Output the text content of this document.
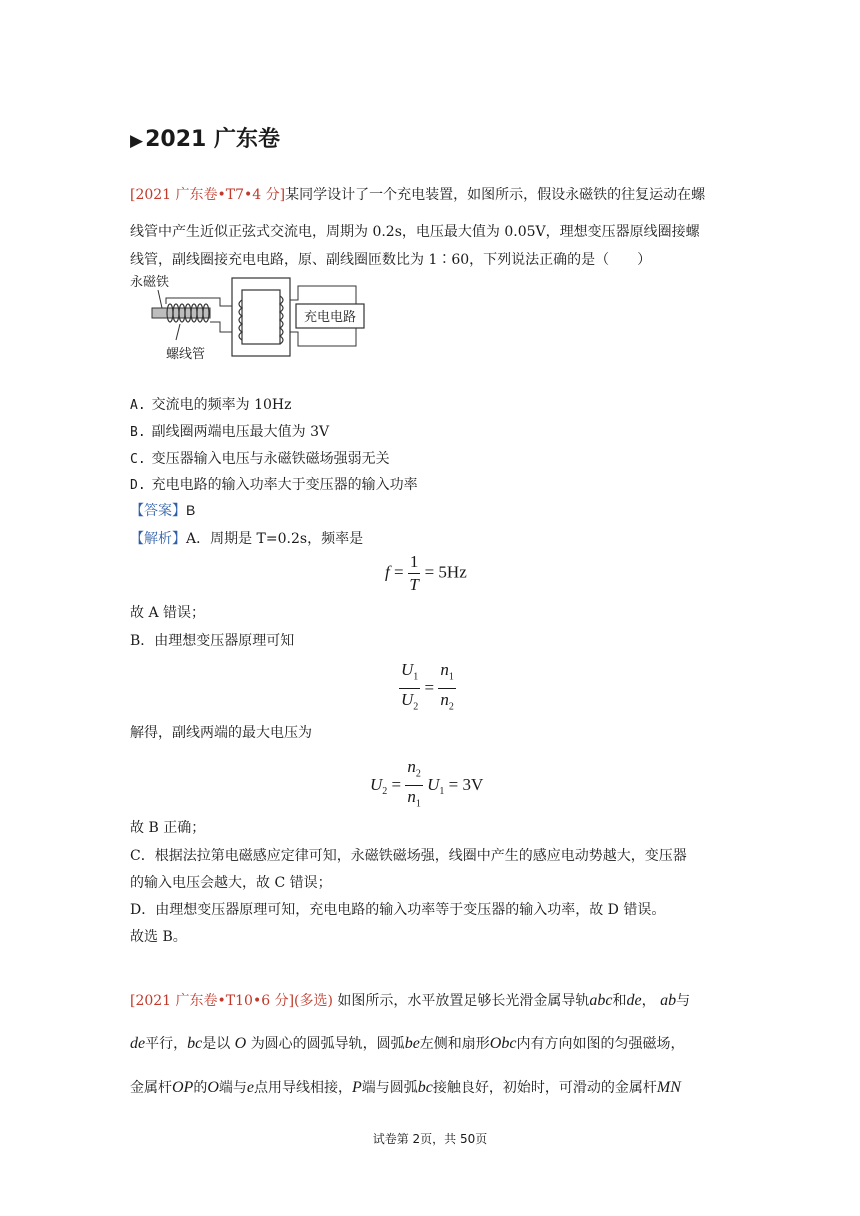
▶2021 广东卷
[2021 广东卷•T7•4 分]某同学设计了一个充电装置，如图所示，假设永磁铁的往复运动在螺
线管中产生近似正弦式交流电，周期为 0.2s，电压最大值为 0.05V，理想变压器原线圈接螺
线管，副线圈接充电电路，原、副线圈匝数比为 1∶60，下列说法正确的是（　　）
永磁铁
螺线管
充电电路
A. 交流电的频率为 10Hz
B. 副线圈两端电压最大值为 3V
C. 变压器输入电压与永磁铁磁场强弱无关
D. 充电电路的输入功率大于变压器的输入功率
【答案】B
【解析】A．周期是 T=0.2s，频率是
$f = \frac{1}{T} = 5Hz$
故 A 错误；
B．由理想变压器原理可知
$\frac{U_1}{U_2} = \frac{n_1}{n_2}$
解得，副线两端的最大电压为
$U_2 = \frac{n_2}{n_1} U_1 = 3V$
故 B 正确；
C．根据法拉第电磁感应定律可知，永磁铁磁场强，线圈中产生的感应电动势越大，变压器
的输入电压会越大，故 C 错误；
D．由理想变压器原理可知，充电电路的输入功率等于变压器的输入功率，故 D 错误。
故选 B。
[2021 广东卷•T10•6 分](多选) 如图所示，水平放置足够长光滑金属导轨abc和de， ab与
de平行，bc是以 O 为圆心的圆弧导轨，圆弧be左侧和扇形Obc内有方向如图的匀强磁场，
金属杆OP的O端与e点用导线相接，P端与圆弧bc接触良好，初始时，可滑动的金属杆MN
试卷第 2页，共 50页
